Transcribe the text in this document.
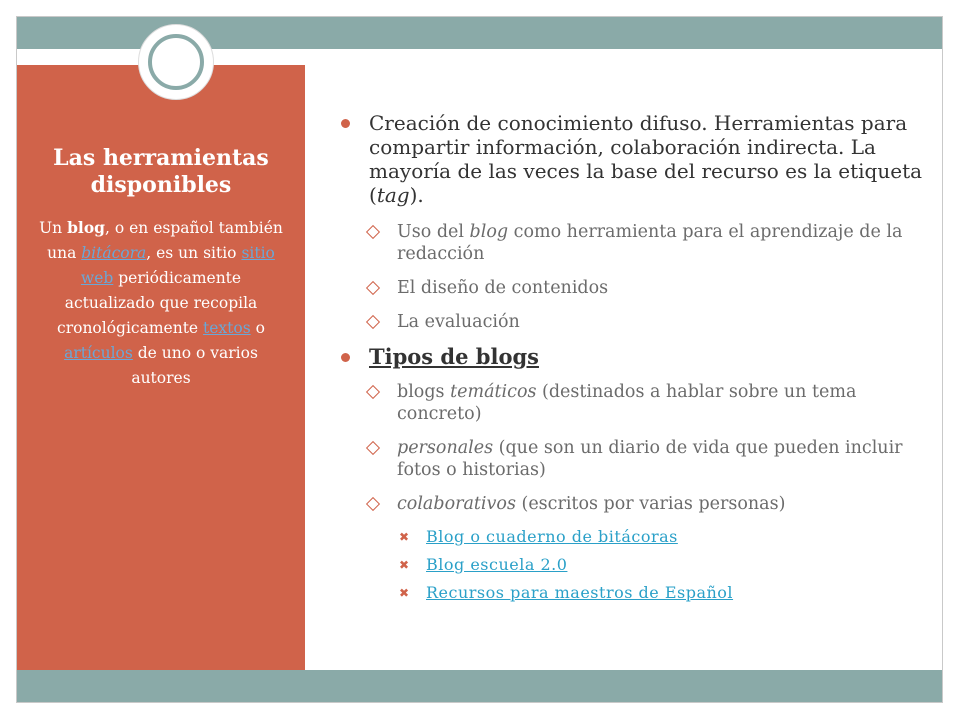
Las herramientas
disponibles
Un blog, o en español también una bitácora, es un sitio sitio web periódicamente actualizado que recopila cronológicamente textos o artículos de uno o varios autores
Creación de conocimiento difuso. Herramientas para compartir información, colaboración indirecta. La mayoría de las veces la base del recurso es la etiqueta (tag).
Uso del blog como herramienta para el aprendizaje de la redacción
El diseño de contenidos
La evaluación
Tipos de blogs
blogs temáticos (destinados a hablar sobre un tema concreto)
personales (que son un diario de vida que pueden incluir fotos o historias)
colaborativos (escritos por varias personas)
✖ Blog o cuaderno de bitácoras
✖ Blog escuela 2.0
✖ Recursos para maestros de Español
